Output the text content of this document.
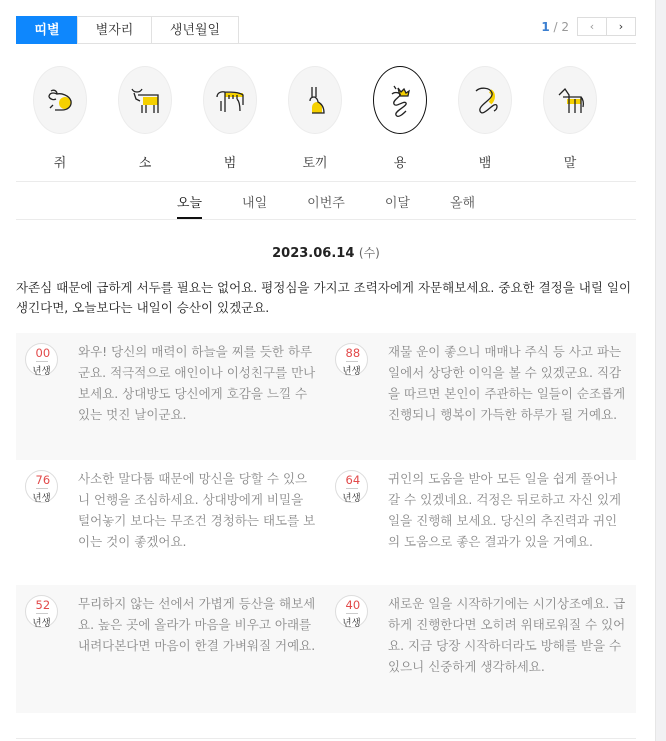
띠별	별자리	생년월일	1 / 2	‹	›
쥐	소	범	토끼	용	뱀	말
오늘	내일	이번주	이달	올해
2023.06.14 (수)
자존심 때문에 급하게 서두를 필요는 없어요. 평정심을 가지고 조력자에게 자문해보세요. 중요한 결정을 내릴 일이 생긴다면, 오늘보다는 내일이 승산이 있겠군요.
00
년생
와우! 당신의 매력이 하늘을 찌를 듯한 하루군요. 적극적으로 애인이나 이성친구를 만나보세요. 상대방도 당신에게 호감을 느낄 수 있는 멋진 날이군요.
88
년생
재물 운이 좋으니 매매나 주식 등 사고 파는 일에서 상당한 이익을 볼 수 있겠군요. 직감을 따르면 본인이 주관하는 일들이 순조롭게 진행되니 행복이 가득한 하루가 될 거예요.
76
년생
사소한 말다툼 때문에 망신을 당할 수 있으니 언행을 조심하세요. 상대방에게 비밀을 털어놓기 보다는 무조건 경청하는 태도를 보이는 것이 좋겠어요.
64
년생
귀인의 도움을 받아 모든 일을 쉽게 풀어나갈 수 있겠네요. 걱정은 뒤로하고 자신 있게 일을 진행해 보세요. 당신의 추진력과 귀인의 도움으로 좋은 결과가 있을 거예요.
52
년생
무리하지 않는 선에서 가볍게 등산을 해보세요. 높은 곳에 올라가 마음을 비우고 아래를 내려다본다면 마음이 한결 가벼워질 거예요.
40
년생
새로운 일을 시작하기에는 시기상조예요. 급하게 진행한다면 오히려 위태로워질 수 있어요. 지금 당장 시작하더라도 방해를 받을 수 있으니 신중하게 생각하세요.
